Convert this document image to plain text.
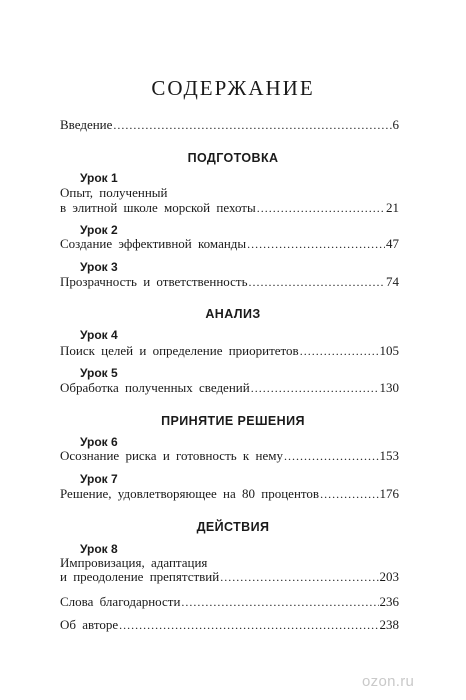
СОДЕРЖАНИЕ
Введение .....	6
ПОДГОТОВКА
Урок 1
Опыт, полученный
в элитной школе морской пехоты .....	21
Урок 2
Создание эффективной команды .....	47
Урок 3
Прозрачность и ответственность .....	74
АНАЛИЗ
Урок 4
Поиск целей и определение приоритетов .....	105
Урок 5
Обработка полученных сведений .....	130
ПРИНЯТИЕ РЕШЕНИЯ
Урок 6
Осознание риска и готовность к нему .....	153
Урок 7
Решение, удовлетворяющее на 80 процентов .....	176
ДЕЙСТВИЯ
Урок 8
Импровизация, адаптация
и преодоление препятствий .....	203
Слова благодарности .....	236
Об авторе .....	238
ozon.ru
